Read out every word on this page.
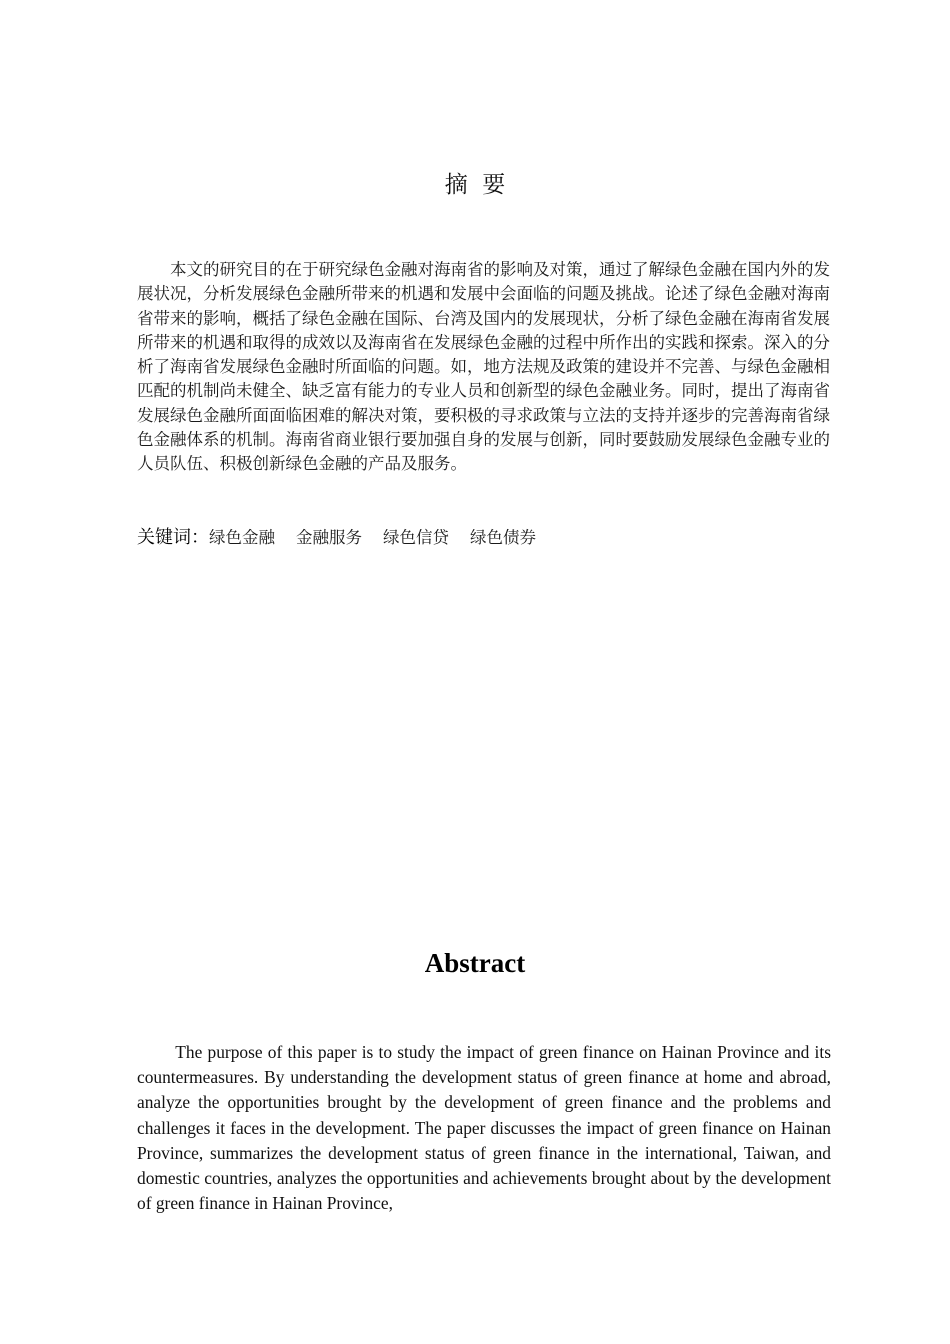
摘  要

本文的研究目的在于研究绿色金融对海南省的影响及对策，通过了解绿色金融在国内外的发展状况，分析发展绿色金融所带来的机遇和发展中会面临的问题及挑战。论述了绿色金融对海南省带来的影响，概括了绿色金融在国际、台湾及国内的发展现状，分析了绿色金融在海南省发展所带来的机遇和取得的成效以及海南省在发展绿色金融的过程中所作出的实践和探索。深入的分析了海南省发展绿色金融时所面临的问题。如，地方法规及政策的建设并不完善、与绿色金融相匹配的机制尚未健全、缺乏富有能力的专业人员和创新型的绿色金融业务。同时，提出了海南省发展绿色金融所面面临困难的解决对策，要积极的寻求政策与立法的支持并逐步的完善海南省绿色金融体系的机制。海南省商业银行要加强自身的发展与创新，同时要鼓励发展绿色金融专业的人员队伍、积极创新绿色金融的产品及服务。

关键词：绿色金融    金融服务    绿色信贷    绿色债券
Abstract

The purpose of this paper is to study the impact of green finance on Hainan Province and its countermeasures. By understanding the development status of green finance at home and abroad, analyze the opportunities brought by the development of green finance and the problems and challenges it faces in the development. The paper discusses the impact of green finance on Hainan Province, summarizes the development status of green finance in the international, Taiwan, and domestic countries, analyzes the opportunities and achievements brought about by the development of green finance in Hainan Province,
